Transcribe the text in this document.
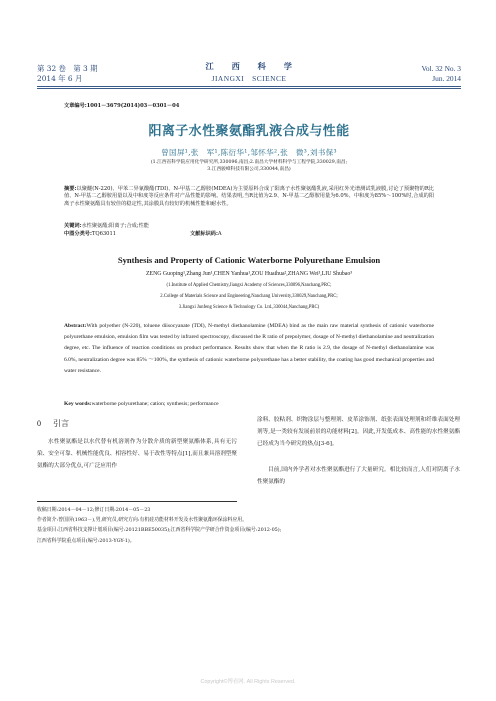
第 32 卷　第 3 期
2014 年 6 月
江　　西　　科　　学
JIANGXI　SCIENCE
Vol. 32 No. 3
Jun. 2014
文章编号:1001－3679(2014)03－0301－04
阳离子水性聚氨酯乳液合成与性能
曾国屏¹,张　军¹,陈衍华¹,邹怀华²,张　微³,刘书保³
(1.江西省科学院应用化学研究所,330096,南昌;2.南昌大学材料科学与工程学院,330029,南昌;
3.江西骏峰科技有限公司,330044,南昌)
摘要:以聚醚(N-220)、甲苯二异氰酸酯(TDI)、N-甲基二乙醇胺(MDEA)为主要原料合成了阳离子水性聚氨酯乳液,采用红外光谱测试乳液膜,讨论了预聚物的R比值、N-甲基二乙醇胺用量以及中和度等反应条件对产品性能的影响。结果表明,当R比值为2.9、N-甲基二乙醇胺用量为6.0%、中和度为85%～100%时,合成的阳离子水性聚氨酯具有较佳的稳定性,其涂膜具有较好的机械性能和耐水性。
关键词:水性聚氨酯;阳离子;合成;性能
中图分类号:TQ63011	文献标识码:A
Synthesis and Property of Cationic Waterborne Polyurethane Emulsion
ZENG Guoping¹,Zhang Jun¹,CHEN Yanhua¹,ZOU Huaihua²,ZHANG Wei³,LIU Shubao³
(1.Institute of Applied Chemistry,Jiangxi Academy of Sciences,330096,Nanchang,PRC;
2.College of Materials Science and Engineering,Nanchang University,330029,Nanchang,PRC;
3.Jiangxi Junfeng Science & Technology Co. Ltd.,330044,Nanchang,PRC)
Abstract:With polyether (N-220), toluene diisocyanate (TDI), N-methyl diethanolamine (MDEA) bind as the main raw material synthesis of cationic waterborne polyurethane emulsion, emulsion film was tested by infrared spectroscopy, discussed the R ratio of prepolymer, dosage of N-methyl diethanolamine and neutralization degree, etc. The influence of reaction conditions on product performance. Results show that when the R ratio is 2.9, the dosage of N-methyl diethanolamine was 6.0%, neutralization degree was 85% ～100%, the synthesis of cationic waterborne polyurethane has a better stability, the coating has good mechanical properties and water resistance.
Key words:waterborne polyurethane; cation; synthesis; performance
0 引言
水性聚氨酯是以水代替有机溶剂作为分散介质的新型聚氨酯体系,具有无污染、安全可靠、机械性能优良、相容性好、易于改性等特点[1],而且兼具溶剂型聚氨酯的大部分优点,可广泛应用作
涂料、胶粘剂、织物涂层与整理剂、皮革涂饰剂、纸张表面处理剂和纤维表面处理剂等,是一类较有发展前景的功能材料[2]。因此,开发低成本、高性能的水性聚氨酯已经成为当今研究的热点[3-6]。
目前,国内外学者对水性聚氨酯进行了大量研究。相比较而言,人们对阴离子水性聚氨酯的
收稿日期:2014－04－12;修订日期:2014－05－23
作者简介:曾国屏(1963－),男,研究员,研究方向:有机硅功能材料开发及水性聚氨酯环保涂料应用。
基金项目:江西省科技支撑计划项目(编号:20121BBE50035);江西省科学院产学研合作资金项目(编号:2012-05);
江西省科学院重点项目(编号:2013-YGY-1)。
Copyright©博看网. All Rights Reserved.
